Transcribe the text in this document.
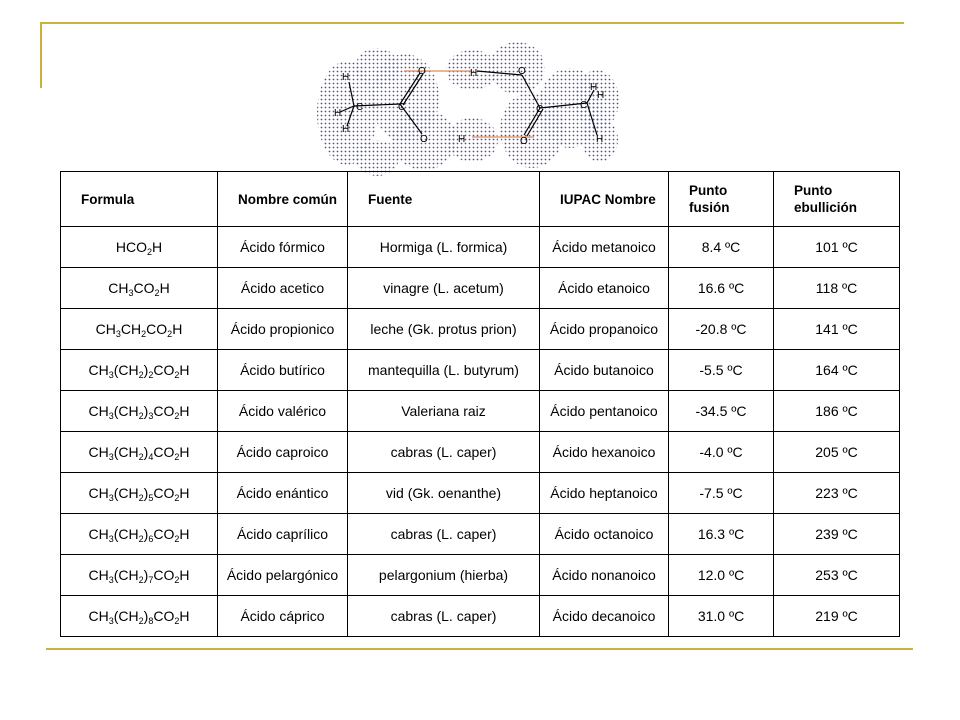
H
H
H
C	C
O
O	H
O
C
O
C
H
H
H
H
Formula	Nombre común	Fuente	IUPAC Nombre	Punto fusión	Punto ebullición
$HCO_2H$	Ácido fórmico	Hormiga (L. formica)	Ácido metanoico	8.4 ºC	101 ºC
$CH_3CO_2H$	Ácido acetico	vinagre (L. acetum)	Ácido etanoico	16.6 ºC	118 ºC
$CH_3CH_2CO_2H$	Ácido propionico	leche (Gk. protus prion)	Ácido propanoico	-20.8 ºC	141 ºC
$CH_3(CH_2)_2CO_2H$	Ácido butírico	mantequilla (L. butyrum)	Ácido butanoico	-5.5 ºC	164 ºC
$CH_3(CH_2)_3CO_2H$	Ácido valérico	Valeriana raiz	Ácido pentanoico	-34.5 ºC	186 ºC
$CH_3(CH_2)_4CO_2H$	Ácido caproico	cabras (L. caper)	Ácido hexanoico	-4.0 ºC	205 ºC
$CH_3(CH_2)_5CO_2H$	Ácido enántico	vid (Gk. oenanthe)	Ácido heptanoico	-7.5 ºC	223 ºC
$CH_3(CH_2)_6CO_2H$	Ácido caprílico	cabras (L. caper)	Ácido octanoico	16.3 ºC	239 ºC
$CH_3(CH_2)_7CO_2H$	Ácido pelargónico	pelargonium (hierba)	Ácido nonanoico	12.0 ºC	253 ºC
$CH_3(CH_2)_8CO_2H$	Ácido cáprico	cabras (L. caper)	Ácido decanoico	31.0 ºC	219 ºC
